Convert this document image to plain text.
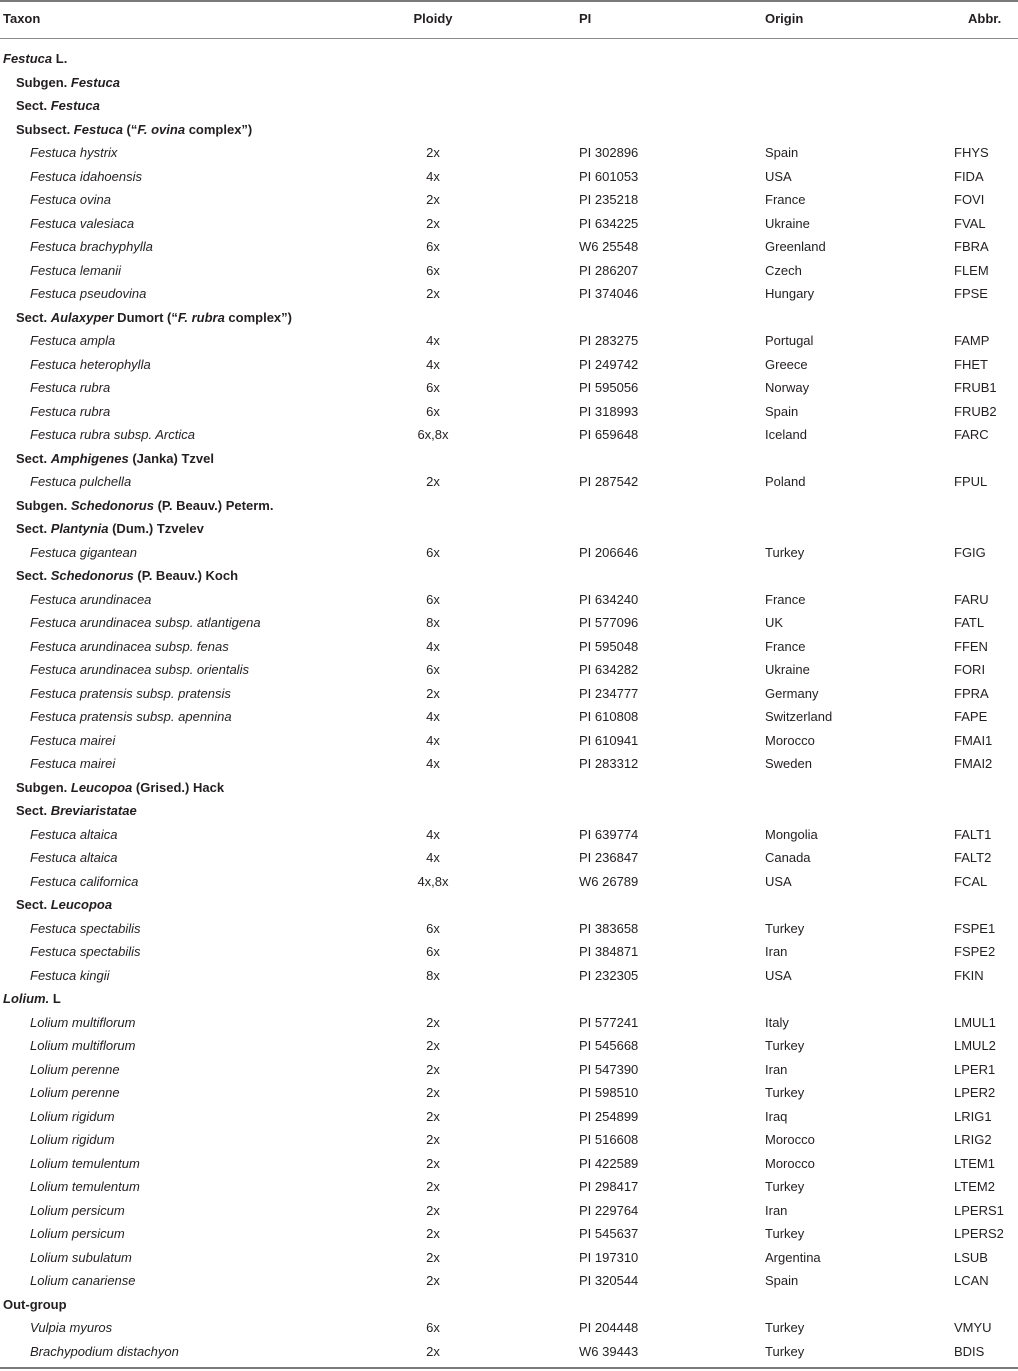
Taxon	Ploidy	PI	Origin	Abbr.
Festuca L.
Subgen. Festuca
Sect. Festuca
Subsect. Festuca (“F. ovina complex”)
Festuca hystrix	2x	PI 302896	Spain	FHYS
Festuca idahoensis	4x	PI 601053	USA	FIDA
Festuca ovina	2x	PI 235218	France	FOVI
Festuca valesiaca	2x	PI 634225	Ukraine	FVAL
Festuca brachyphylla	6x	W6 25548	Greenland	FBRA
Festuca lemanii	6x	PI 286207	Czech	FLEM
Festuca pseudovina	2x	PI 374046	Hungary	FPSE
Sect. Aulaxyper Dumort (“F. rubra complex”)
Festuca ampla	4x	PI 283275	Portugal	FAMP
Festuca heterophylla	4x	PI 249742	Greece	FHET
Festuca rubra	6x	PI 595056	Norway	FRUB1
Festuca rubra	6x	PI 318993	Spain	FRUB2
Festuca rubra subsp. Arctica	6x,8x	PI 659648	Iceland	FARC
Sect. Amphigenes (Janka) Tzvel
Festuca pulchella	2x	PI 287542	Poland	FPUL
Subgen. Schedonorus (P. Beauv.) Peterm.
Sect. Plantynia (Dum.) Tzvelev
Festuca gigantean	6x	PI 206646	Turkey	FGIG
Sect. Schedonorus (P. Beauv.) Koch
Festuca arundinacea	6x	PI 634240	France	FARU
Festuca arundinacea subsp. atlantigena	8x	PI 577096	UK	FATL
Festuca arundinacea subsp. fenas	4x	PI 595048	France	FFEN
Festuca arundinacea subsp. orientalis	6x	PI 634282	Ukraine	FORI
Festuca pratensis subsp. pratensis	2x	PI 234777	Germany	FPRA
Festuca pratensis subsp. apennina	4x	PI 610808	Switzerland	FAPE
Festuca mairei	4x	PI 610941	Morocco	FMAI1
Festuca mairei	4x	PI 283312	Sweden	FMAI2
Subgen. Leucopoa (Grised.) Hack
Sect. Breviaristatae
Festuca altaica	4x	PI 639774	Mongolia	FALT1
Festuca altaica	4x	PI 236847	Canada	FALT2
Festuca californica	4x,8x	W6 26789	USA	FCAL
Sect. Leucopoa
Festuca spectabilis	6x	PI 383658	Turkey	FSPE1
Festuca spectabilis	6x	PI 384871	Iran	FSPE2
Festuca kingii	8x	PI 232305	USA	FKIN
Lolium. L
Lolium multiflorum	2x	PI 577241	Italy	LMUL1
Lolium multiflorum	2x	PI 545668	Turkey	LMUL2
Lolium perenne	2x	PI 547390	Iran	LPER1
Lolium perenne	2x	PI 598510	Turkey	LPER2
Lolium rigidum	2x	PI 254899	Iraq	LRIG1
Lolium rigidum	2x	PI 516608	Morocco	LRIG2
Lolium temulentum	2x	PI 422589	Morocco	LTEM1
Lolium temulentum	2x	PI 298417	Turkey	LTEM2
Lolium persicum	2x	PI 229764	Iran	LPERS1
Lolium persicum	2x	PI 545637	Turkey	LPERS2
Lolium subulatum	2x	PI 197310	Argentina	LSUB
Lolium canariense	2x	PI 320544	Spain	LCAN
Out-group
Vulpia myuros	6x	PI 204448	Turkey	VMYU
Brachypodium distachyon	2x	W6 39443	Turkey	BDIS
